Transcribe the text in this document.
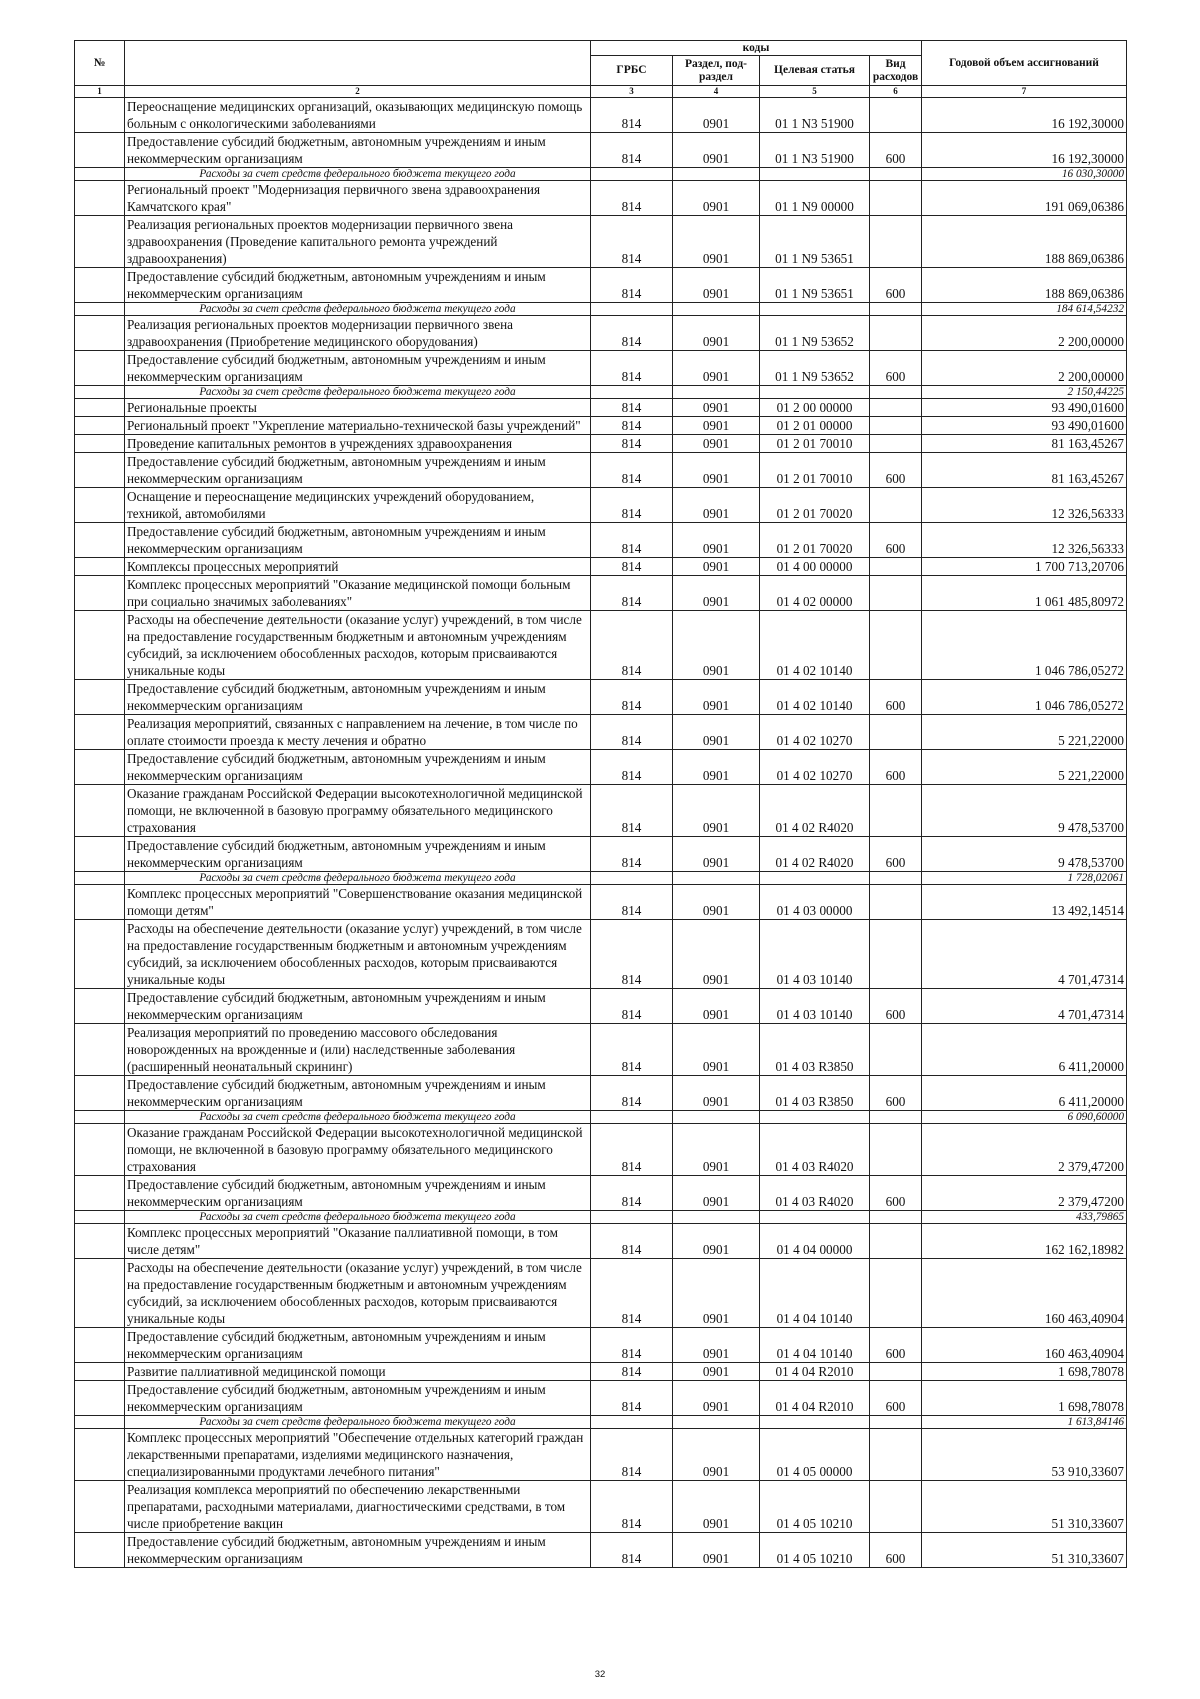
№		коды				Годовой объем ассигнований
		ГРБС	Раздел, под-раздел	Целевая статья	Вид расходов	
1	2	3	4	5	6	7
	Переоснащение медицинских организаций, оказывающих медицинскую помощь больным с онкологическими заболеваниями	814	0901	01 1 N3 51900		16 192,30000
	Предоставление субсидий бюджетным, автономным учреждениям и иным некоммерческим организациям	814	0901	01 1 N3 51900	600	16 192,30000
	Расходы за счет средств федерального бюджета текущего года					16 030,30000
	Региональный проект "Модернизация первичного звена здравоохранения Камчатского края"	814	0901	01 1 N9 00000		191 069,06386
	Реализация региональных проектов модернизации первичного звена здравоохранения (Проведение капитального ремонта учреждений здравоохранения)	814	0901	01 1 N9 53651		188 869,06386
	Предоставление субсидий бюджетным, автономным учреждениям и иным некоммерческим организациям	814	0901	01 1 N9 53651	600	188 869,06386
	Расходы за счет средств федерального бюджета текущего года					184 614,54232
	Реализация региональных проектов модернизации первичного звена здравоохранения (Приобретение медицинского оборудования)	814	0901	01 1 N9 53652		2 200,00000
	Предоставление субсидий бюджетным, автономным учреждениям и иным некоммерческим организациям	814	0901	01 1 N9 53652	600	2 200,00000
	Расходы за счет средств федерального бюджета текущего года					2 150,44225
	Региональные проекты	814	0901	01 2 00 00000		93 490,01600
	Региональный проект "Укрепление материально-технической базы учреждений"	814	0901	01 2 01 00000		93 490,01600
	Проведение капитальных ремонтов в учреждениях здравоохранения	814	0901	01 2 01 70010		81 163,45267
	Предоставление субсидий бюджетным, автономным учреждениям и иным некоммерческим организациям	814	0901	01 2 01 70010	600	81 163,45267
	Оснащение и переоснащение медицинских учреждений оборудованием, техникой, автомобилями	814	0901	01 2 01 70020		12 326,56333
	Предоставление субсидий бюджетным, автономным учреждениям и иным некоммерческим организациям	814	0901	01 2 01 70020	600	12 326,56333
	Комплексы процессных мероприятий	814	0901	01 4 00 00000		1 700 713,20706
	Комплекс процессных мероприятий "Оказание медицинской помощи больным при социально значимых заболеваниях"	814	0901	01 4 02 00000		1 061 485,80972
	Расходы на обеспечение деятельности (оказание услуг) учреждений, в том числе на предоставление государственным бюджетным и автономным учреждениям субсидий, за исключением обособленных расходов, которым присваиваются уникальные коды	814	0901	01 4 02 10140		1 046 786,05272
	Предоставление субсидий бюджетным, автономным учреждениям и иным некоммерческим организациям	814	0901	01 4 02 10140	600	1 046 786,05272
	Реализация мероприятий, связанных с направлением на лечение, в том числе по оплате стоимости проезда к месту лечения и обратно	814	0901	01 4 02 10270		5 221,22000
	Предоставление субсидий бюджетным, автономным учреждениям и иным некоммерческим организациям	814	0901	01 4 02 10270	600	5 221,22000
	Оказание гражданам Российской Федерации высокотехнологичной медицинской помощи, не включенной в базовую программу обязательного медицинского страхования	814	0901	01 4 02 R4020		9 478,53700
	Предоставление субсидий бюджетным, автономным учреждениям и иным некоммерческим организациям	814	0901	01 4 02 R4020	600	9 478,53700
	Расходы за счет средств федерального бюджета текущего года					1 728,02061
	Комплекс процессных мероприятий "Совершенствование оказания медицинской помощи детям"	814	0901	01 4 03 00000		13 492,14514
	Расходы на обеспечение деятельности (оказание услуг) учреждений, в том числе на предоставление государственным бюджетным и автономным учреждениям субсидий, за исключением обособленных расходов, которым присваиваются уникальные коды	814	0901	01 4 03 10140		4 701,47314
	Предоставление субсидий бюджетным, автономным учреждениям и иным некоммерческим организациям	814	0901	01 4 03 10140	600	4 701,47314
	Реализация мероприятий по проведению массового обследования новорожденных на врожденные и (или) наследственные заболевания (расширенный неонатальный скрининг)	814	0901	01 4 03 R3850		6 411,20000
	Предоставление субсидий бюджетным, автономным учреждениям и иным некоммерческим организациям	814	0901	01 4 03 R3850	600	6 411,20000
	Расходы за счет средств федерального бюджета текущего года					6 090,60000
	Оказание гражданам Российской Федерации высокотехнологичной медицинской помощи, не включенной в базовую программу обязательного медицинского страхования	814	0901	01 4 03 R4020		2 379,47200
	Предоставление субсидий бюджетным, автономным учреждениям и иным некоммерческим организациям	814	0901	01 4 03 R4020	600	2 379,47200
	Расходы за счет средств федерального бюджета текущего года					433,79865
	Комплекс процессных мероприятий "Оказание паллиативной помощи, в том числе детям"	814	0901	01 4 04 00000		162 162,18982
	Расходы на обеспечение деятельности (оказание услуг) учреждений, в том числе на предоставление государственным бюджетным и автономным учреждениям субсидий, за исключением обособленных расходов, которым присваиваются уникальные коды	814	0901	01 4 04 10140		160 463,40904
	Предоставление субсидий бюджетным, автономным учреждениям и иным некоммерческим организациям	814	0901	01 4 04 10140	600	160 463,40904
	Развитие паллиативной медицинской помощи	814	0901	01 4 04 R2010		1 698,78078
	Предоставление субсидий бюджетным, автономным учреждениям и иным некоммерческим организациям	814	0901	01 4 04 R2010	600	1 698,78078
	Расходы за счет средств федерального бюджета текущего года					1 613,84146
	Комплекс процессных мероприятий "Обеспечение отдельных категорий граждан лекарственными препаратами, изделиями медицинского назначения, специализированными продуктами лечебного питания"	814	0901	01 4 05 00000		53 910,33607
	Реализация комплекса мероприятий по обеспечению лекарственными препаратами, расходными материалами, диагностическими средствами, в том числе приобретение вакцин	814	0901	01 4 05 10210		51 310,33607
	Предоставление субсидий бюджетным, автономным учреждениям и иным некоммерческим организациям	814	0901	01 4 05 10210	600	51 310,33607
32
